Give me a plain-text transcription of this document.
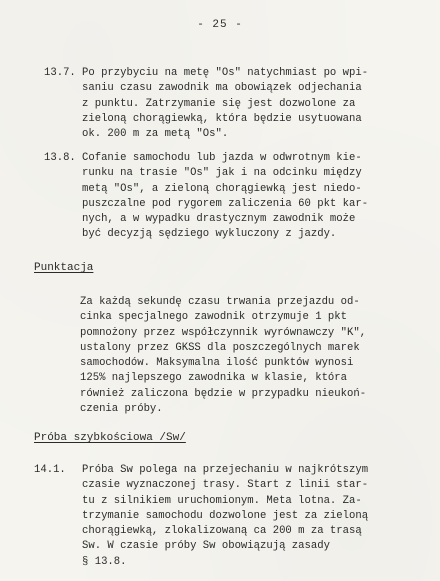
- 25 -
13.7. Po przybyciu na metę "Os" natychmiast po wpi-
saniu czasu zawodnik ma obowiązek odjechania
z punktu. Zatrzymanie się jest dozwolone za
zieloną chorągiewką, która będzie usytuowana
ok. 200 m za metą "Os".
13.8. Cofanie samochodu lub jazda w odwrotnym kie-
runku na trasie "Os" jak i na odcinku między
metą "Os", a zieloną chorągiewką jest niedo-
puszczalne pod rygorem zaliczenia 60 pkt kar-
nych, a w wypadku drastycznym zawodnik może
być decyzją sędziego wykluczony z jazdy.
Punktacja
Za każdą sekundę czasu trwania przejazdu od-
cinka specjalnego zawodnik otrzymuje 1 pkt
pomnożony przez współczynnik wyrównawczy "K",
ustalony przez GKSS dla poszczególnych marek
samochodów. Maksymalna ilość punktów wynosi
125% najlepszego zawodnika w klasie, która
również zaliczona będzie w przypadku nieukoń-
czenia próby.
Próba szybkościowa /Sw/
14.1.	Próba Sw polega na przejechaniu w najkrótszym
czasie wyznaczonej trasy. Start z linii star-
tu z silnikiem uruchomionym. Meta lotna. Za-
trzymanie samochodu dozwolone jest za zieloną
chorągiewką, zlokalizowaną ca 200 m za trasą
Sw. W czasie próby Sw obowiązują zasady
§ 13.8.
